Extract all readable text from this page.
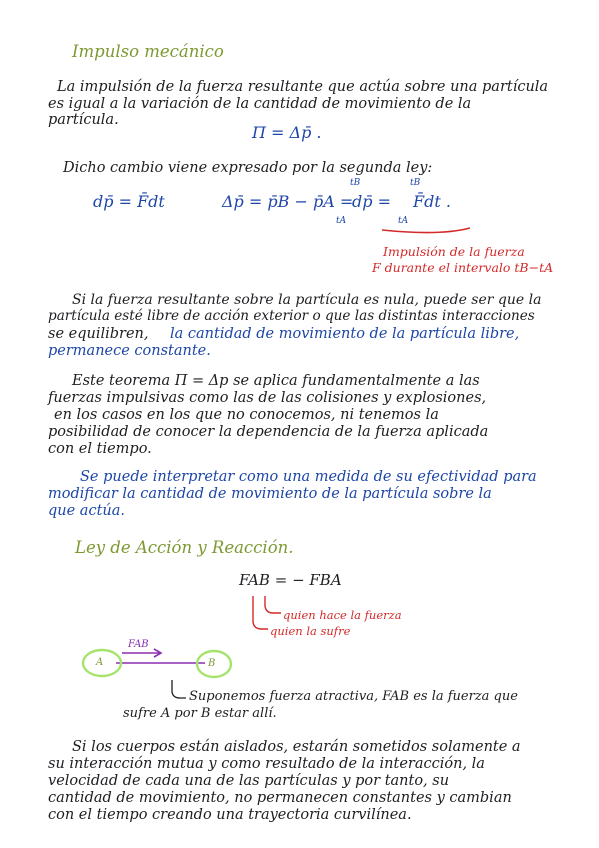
Impulso mecánico
La impulsión de la fuerza resultante que actúa sobre una partícula
es igual a la variación de la cantidad de movimiento de la
partícula.
Π = Δp̄ .
Dicho cambio viene expresado por la segunda ley:
dp̄ = F̄dt	Δp̄ = p̄B − p̄A =
tB
tA
dp̄ =
tB
tA
F̄dt .
Impulsión de la fuerza
F durante el intervalo tB−tA
Si la fuerza resultante sobre la partícula es nula, puede ser que la
partícula esté libre de acción exterior o que las distintas interacciones
se equilibren, la cantidad de movimiento de la partícula libre,
permanece constante.
Este teorema Π = Δp se aplica fundamentalmente a las
fuerzas impulsivas como las de las colisiones y explosiones,
en los casos en los que no conocemos, ni tenemos la
posibilidad de conocer la dependencia de la fuerza aplicada
con el tiempo.
Se puede interpretar como una medida de su efectividad para
modificar la cantidad de movimiento de la partícula sobre la
que actúa.
Ley de Acción y Reacción.
FAB = − FBA
quien hace la fuerza
quien la sufre
A	B
FAB
Suponemos fuerza atractiva, FAB es la fuerza que
sufre A por B estar allí.
Si los cuerpos están aislados, estarán sometidos solamente a
su interacción mutua y como resultado de la interacción, la
velocidad de cada una de las partículas y por tanto, su
cantidad de movimiento, no permanecen constantes y cambian
con el tiempo creando una trayectoria curvilínea.
